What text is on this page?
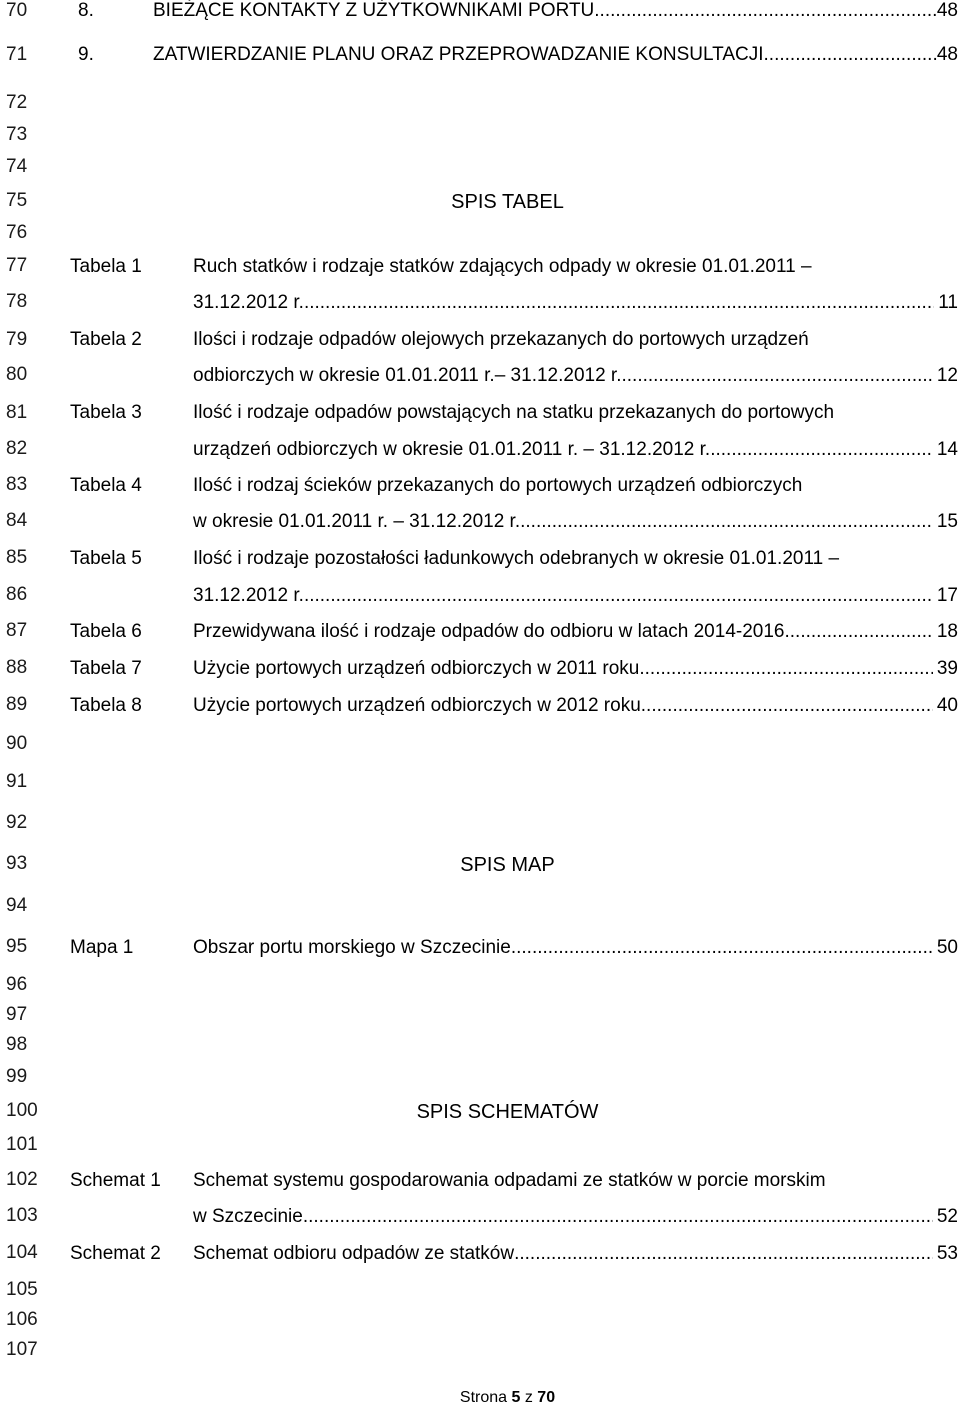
70
71
72
73
74
75
76
77
78
79
80
81
82
83
84
85
86
87
88
89
90
91
92
93
94
95
96
97
98
99
100
101
102
103
104
105
106
107
8.	BIEŻĄCE KONTAKTY Z UŻYTKOWNIKAMI PORTU .....	48
9.	ZATWIERDZANIE PLANU ORAZ PRZEPROWADZANIE KONSULTACJI .....	48
SPIS TABEL
Tabela 1	Ruch statków i rodzaje statków zdających odpady w okresie 01.01.2011 –
31.12.2012 r. .....	11
Tabela 2	Ilości i rodzaje odpadów olejowych przekazanych do portowych urządzeń
odbiorczych w okresie 01.01.2011 r.– 31.12.2012 r. .....	12
Tabela 3	Ilość i rodzaje odpadów powstających na statku przekazanych do portowych
urządzeń odbiorczych w okresie 01.01.2011 r. – 31.12.2012 r. .....	14
Tabela 4	Ilość i rodzaj ścieków przekazanych do portowych urządzeń odbiorczych
w okresie 01.01.2011 r. – 31.12.2012 r. .....	15
Tabela 5	Ilość i rodzaje pozostałości ładunkowych odebranych w okresie 01.01.2011 –
31.12.2012 r. .....	17
Tabela 6	Przewidywana ilość i rodzaje odpadów do odbioru w latach 2014-2016. .....	18
Tabela 7	Użycie portowych urządzeń odbiorczych w 2011 roku .....	39
Tabela 8	Użycie portowych urządzeń odbiorczych w 2012 roku .....	40
SPIS MAP
Mapa 1	Obszar portu morskiego w Szczecinie .....	50
SPIS SCHEMATÓW
Schemat 1 Schemat systemu gospodarowania odpadami ze statków w porcie morskim
w Szczecinie .....	52
Schemat 2 Schemat odbioru odpadów ze statków .....	53
Strona 5 z 70
